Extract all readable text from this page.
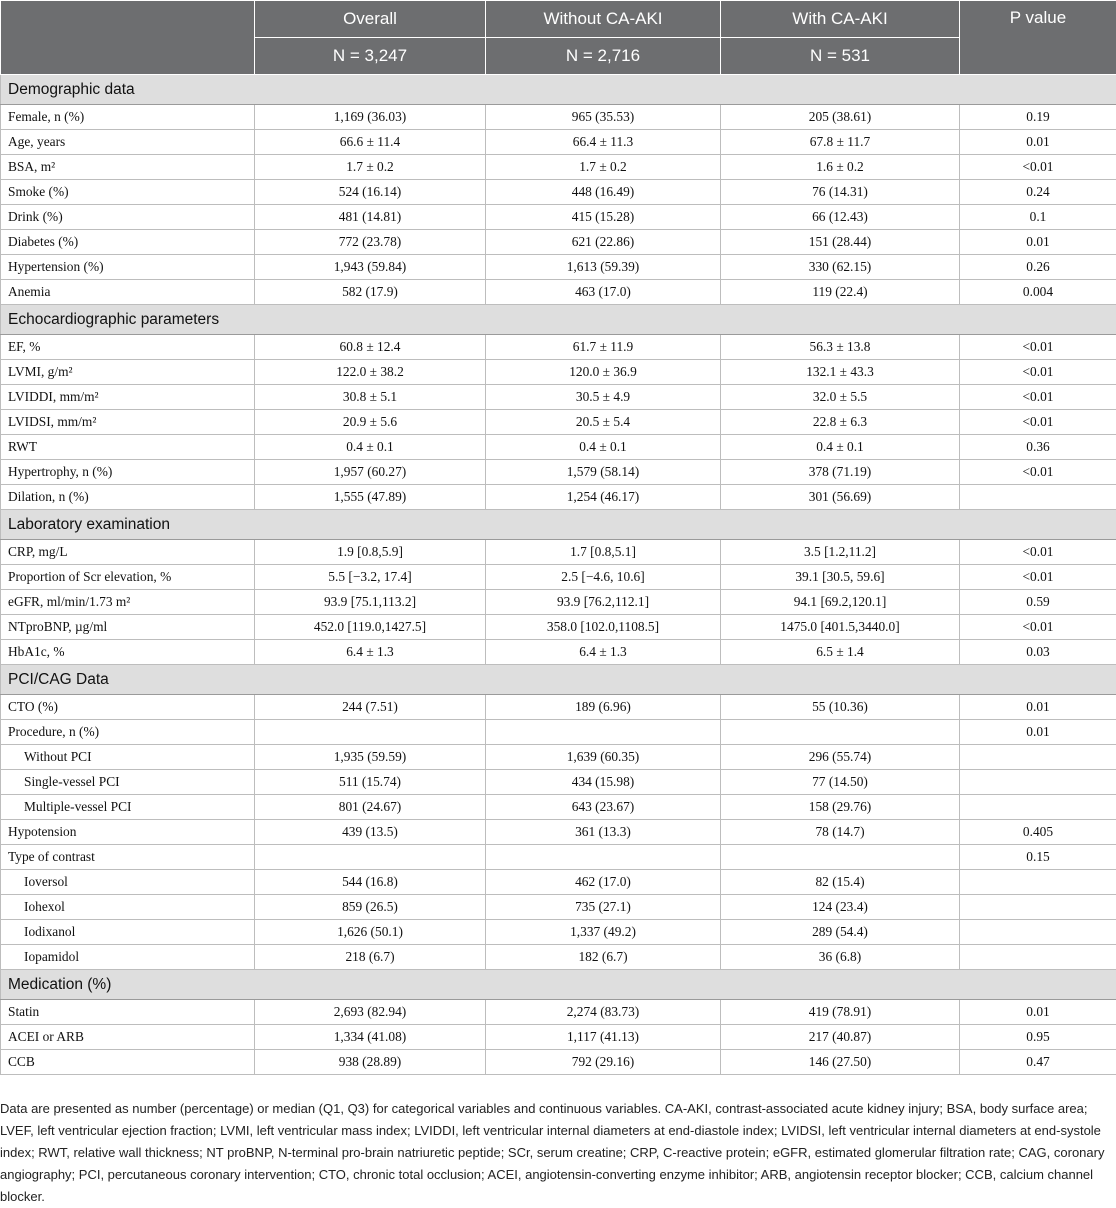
	Overall	Without CA-AKI	With CA-AKI	P value
	N = 3,247	N = 2,716	N = 531	
Demographic data				
Female, n (%)	1,169 (36.03)	965 (35.53)	205 (38.61)	0.19
Age, years	66.6 ± 11.4	66.4 ± 11.3	67.8 ± 11.7	0.01
BSA, m²	1.7 ± 0.2	1.7 ± 0.2	1.6 ± 0.2	<0.01
Smoke (%)	524 (16.14)	448 (16.49)	76 (14.31)	0.24
Drink (%)	481 (14.81)	415 (15.28)	66 (12.43)	0.1
Diabetes (%)	772 (23.78)	621 (22.86)	151 (28.44)	0.01
Hypertension (%)	1,943 (59.84)	1,613 (59.39)	330 (62.15)	0.26
Anemia	582 (17.9)	463 (17.0)	119 (22.4)	0.004
Echocardiographic parameters				
EF, %	60.8 ± 12.4	61.7 ± 11.9	56.3 ± 13.8	<0.01
LVMI, g/m²	122.0 ± 38.2	120.0 ± 36.9	132.1 ± 43.3	<0.01
LVIDDI, mm/m²	30.8 ± 5.1	30.5 ± 4.9	32.0 ± 5.5	<0.01
LVIDSI, mm/m²	20.9 ± 5.6	20.5 ± 5.4	22.8 ± 6.3	<0.01
RWT	0.4 ± 0.1	0.4 ± 0.1	0.4 ± 0.1	0.36
Hypertrophy, n (%)	1,957 (60.27)	1,579 (58.14)	378 (71.19)	<0.01
Dilation, n (%)	1,555 (47.89)	1,254 (46.17)	301 (56.69)	
Laboratory examination				
CRP, mg/L	1.9 [0.8,5.9]	1.7 [0.8,5.1]	3.5 [1.2,11.2]	<0.01
Proportion of Scr elevation, %	5.5 [−3.2, 17.4]	2.5 [−4.6, 10.6]	39.1 [30.5, 59.6]	<0.01
eGFR, ml/min/1.73 m²	93.9 [75.1,113.2]	93.9 [76.2,112.1]	94.1 [69.2,120.1]	0.59
NTproBNP, µg/ml	452.0 [119.0,1427.5]	358.0 [102.0,1108.5]	1475.0 [401.5,3440.0]	<0.01
HbA1c, %	6.4 ± 1.3	6.4 ± 1.3	6.5 ± 1.4	0.03
PCI/CAG Data				
CTO (%)	244 (7.51)	189 (6.96)	55 (10.36)	0.01
Procedure, n (%)				0.01
Without PCI	1,935 (59.59)	1,639 (60.35)	296 (55.74)	
Single-vessel PCI	511 (15.74)	434 (15.98)	77 (14.50)	
Multiple-vessel PCI	801 (24.67)	643 (23.67)	158 (29.76)	
Hypotension	439 (13.5)	361 (13.3)	78 (14.7)	0.405
Type of contrast				0.15
Ioversol	544 (16.8)	462 (17.0)	82 (15.4)	
Iohexol	859 (26.5)	735 (27.1)	124 (23.4)	
Iodixanol	1,626 (50.1)	1,337 (49.2)	289 (54.4)	
Iopamidol	218 (6.7)	182 (6.7)	36 (6.8)	
Medication (%)				
Statin	2,693 (82.94)	2,274 (83.73)	419 (78.91)	0.01
ACEI or ARB	1,334 (41.08)	1,117 (41.13)	217 (40.87)	0.95
CCB	938 (28.89)	792 (29.16)	146 (27.50)	0.47

Data are presented as number (percentage) or median (Q1, Q3) for categorical variables and continuous variables. CA-AKI, contrast-associated acute kidney injury; BSA, body surface area; LVEF, left ventricular ejection fraction; LVMI, left ventricular mass index; LVIDDI, left ventricular internal diameters at end-diastole index; LVIDSI, left ventricular internal diameters at end-systole index; RWT, relative wall thickness; NT proBNP, N-terminal pro-brain natriuretic peptide; SCr, serum creatine; CRP, C-reactive protein; eGFR, estimated glomerular filtration rate; CAG, coronary angiography; PCI, percutaneous coronary intervention; CTO, chronic total occlusion; ACEI, angiotensin-converting enzyme inhibitor; ARB, angiotensin receptor blocker; CCB, calcium channel blocker.
